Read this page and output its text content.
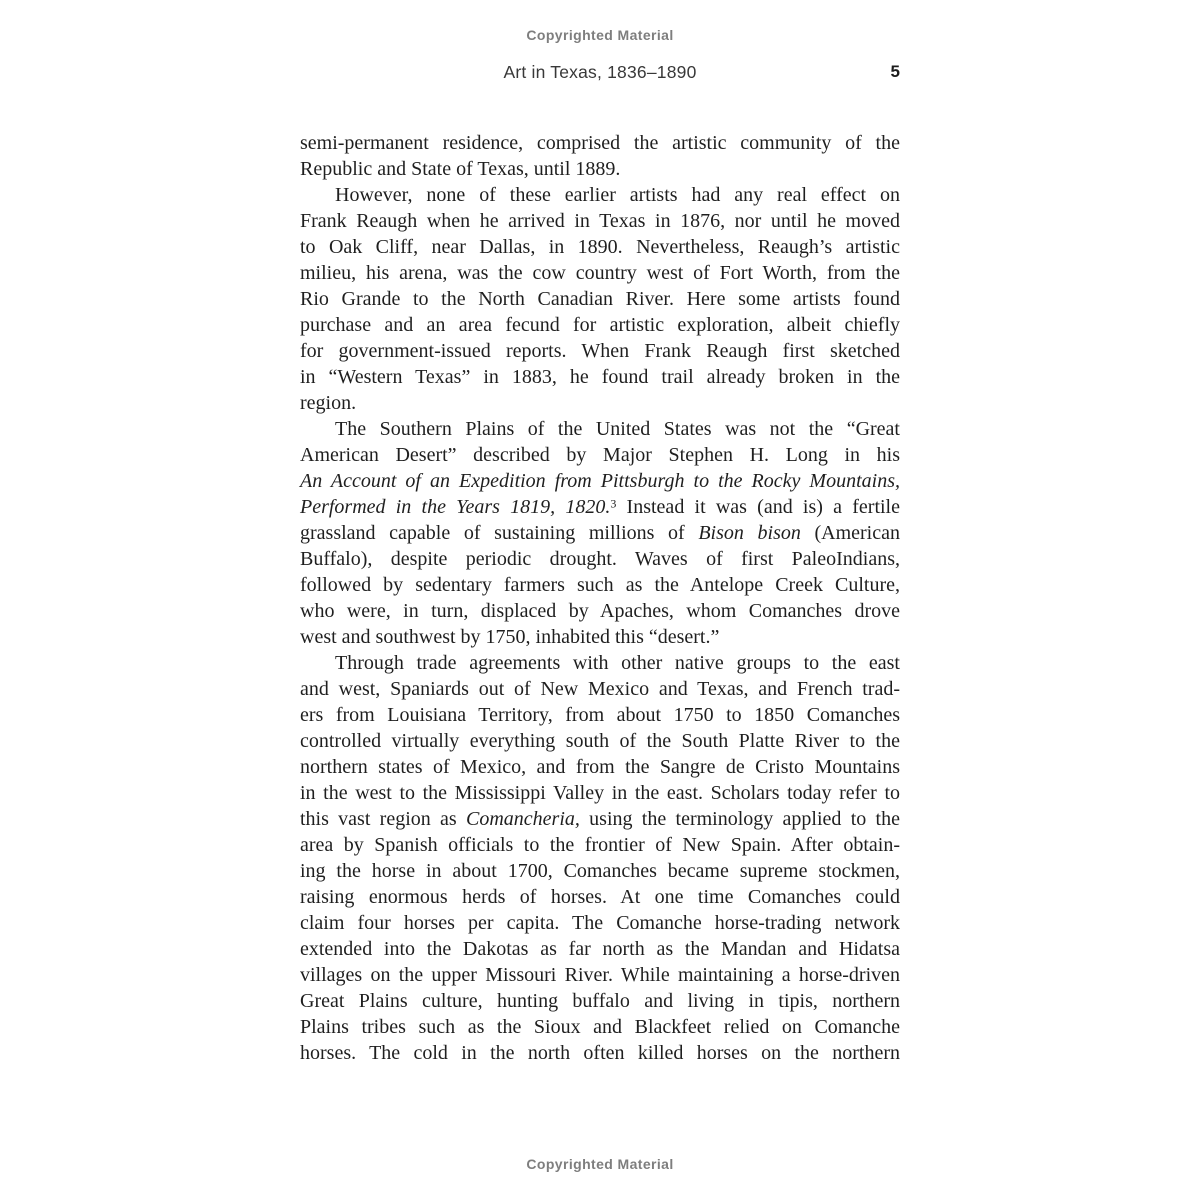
Copyrighted Material
Art in Texas, 1836–1890	5
semi-permanent residence, comprised the artistic community of the
Republic and State of Texas, until 1889.
However, none of these earlier artists had any real effect on
Frank Reaugh when he arrived in Texas in 1876, nor until he moved
to Oak Cliff, near Dallas, in 1890. Nevertheless, Reaugh’s artistic
milieu, his arena, was the cow country west of Fort Worth, from the
Rio Grande to the North Canadian River. Here some artists found
purchase and an area fecund for artistic exploration, albeit chiefly
for government-issued reports. When Frank Reaugh first sketched
in “Western Texas” in 1883, he found trail already broken in the
region.
The Southern Plains of the United States was not the “Great
American Desert” described by Major Stephen H. Long in his
An Account of an Expedition from Pittsburgh to the Rocky Mountains,
Performed in the Years 1819, 1820.$^3$ Instead it was (and is) a fertile
grassland capable of sustaining millions of Bison bison (American
Buffalo), despite periodic drought. Waves of first PaleoIndians,
followed by sedentary farmers such as the Antelope Creek Culture,
who were, in turn, displaced by Apaches, whom Comanches drove
west and southwest by 1750, inhabited this “desert.”
Through trade agreements with other native groups to the east
and west, Spaniards out of New Mexico and Texas, and French trad-
ers from Louisiana Territory, from about 1750 to 1850 Comanches
controlled virtually everything south of the South Platte River to the
northern states of Mexico, and from the Sangre de Cristo Mountains
in the west to the Mississippi Valley in the east. Scholars today refer to
this vast region as Comancheria, using the terminology applied to the
area by Spanish officials to the frontier of New Spain. After obtain-
ing the horse in about 1700, Comanches became supreme stockmen,
raising enormous herds of horses. At one time Comanches could
claim four horses per capita. The Comanche horse-trading network
extended into the Dakotas as far north as the Mandan and Hidatsa
villages on the upper Missouri River. While maintaining a horse-driven
Great Plains culture, hunting buffalo and living in tipis, northern
Plains tribes such as the Sioux and Blackfeet relied on Comanche
horses. The cold in the north often killed horses on the northern
Copyrighted Material
